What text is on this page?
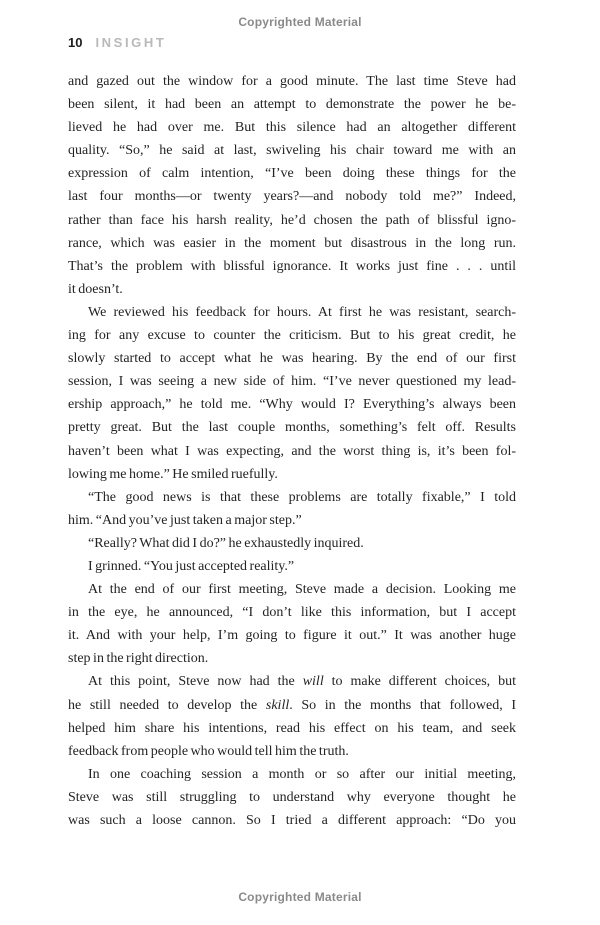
Copyrighted Material
10 INSIGHT
and gazed out the window for a good minute. The last time Steve had
been silent, it had been an attempt to demonstrate the power he be-
lieved he had over me. But this silence had an altogether different
quality. “So,” he said at last, swiveling his chair toward me with an
expression of calm intention, “I’ve been doing these things for the
last four months—or twenty years?—and nobody told me?” Indeed,
rather than face his harsh reality, he’d chosen the path of blissful igno-
rance, which was easier in the moment but disastrous in the long run.
That’s the problem with blissful ignorance. It works just fine . . . until
it doesn’t.
We reviewed his feedback for hours. At first he was resistant, search-
ing for any excuse to counter the criticism. But to his great credit, he
slowly started to accept what he was hearing. By the end of our first
session, I was seeing a new side of him. “I’ve never questioned my lead-
ership approach,” he told me. “Why would I? Everything’s always been
pretty great. But the last couple months, something’s felt off. Results
haven’t been what I was expecting, and the worst thing is, it’s been fol-
lowing me home.” He smiled ruefully.
“The good news is that these problems are totally fixable,” I told
him. “And you’ve just taken a major step.”
“Really? What did I do?” he exhaustedly inquired.
I grinned. “You just accepted reality.”
At the end of our first meeting, Steve made a decision. Looking me
in the eye, he announced, “I don’t like this information, but I accept
it. And with your help, I’m going to figure it out.” It was another huge
step in the right direction.
At this point, Steve now had the will to make different choices, but
he still needed to develop the skill. So in the months that followed, I
helped him share his intentions, read his effect on his team, and seek
feedback from people who would tell him the truth.
In one coaching session a month or so after our initial meeting,
Steve was still struggling to understand why everyone thought he
was such a loose cannon. So I tried a different approach: “Do you
Copyrighted Material
